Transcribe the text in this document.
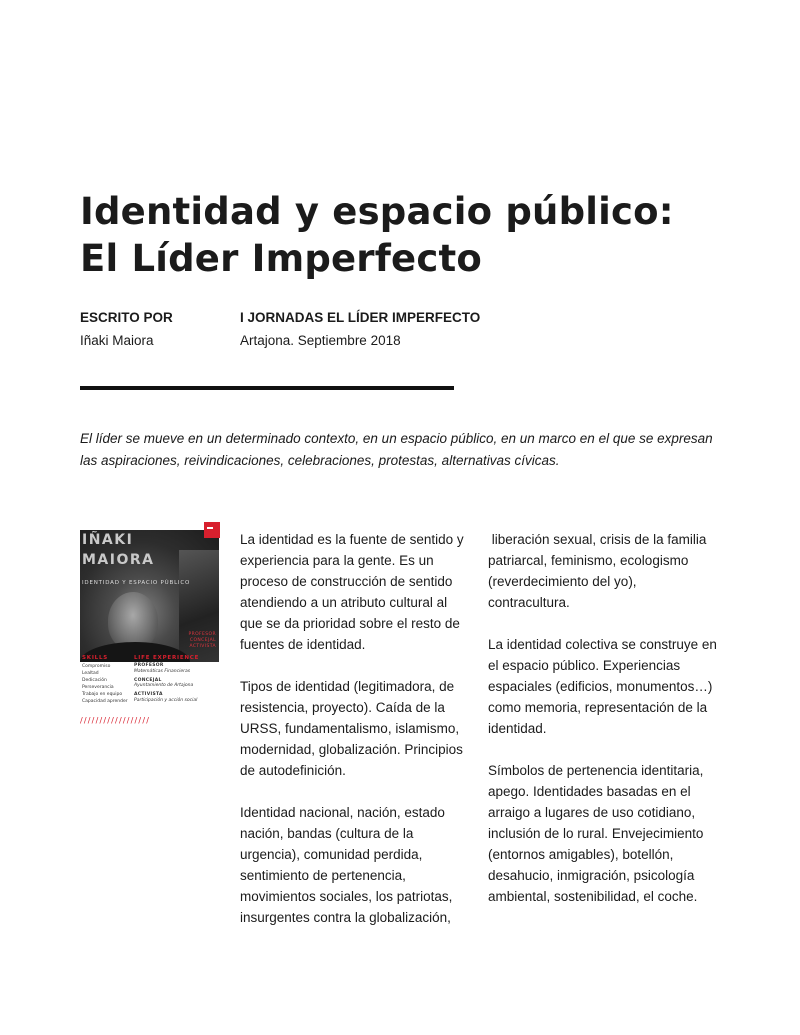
Identidad y espacio público:
El Líder Imperfecto
ESCRITO POR
Iñaki Maiora
I JORNADAS EL LÍDER IMPERFECTO
Artajona. Septiembre 2018

El líder se mueve en un determinado contexto, en un espacio público, en un marco en el que se expresan las aspiraciones, reivindicaciones, celebraciones, protestas, alternativas cívicas.

IÑAKI
MAIORA
IDENTIDAD Y ESPACIO PÚBLICO
PROFESOR
CONCEJAL
ACTIVISTA
SKILLS	LIFE EXPERIENCE
Compromiso
Lealtad
Dedicación
Perseverancia
Trabajo en equipo
Capacidad aprender
PROFESOR
Matemáticas Financieras
CONCEJAL
Ayuntamiento de Artajona
ACTIVISTA
Participación y acción social
//////////////////

La identidad es la fuente de sentido y experiencia para la gente. Es un proceso de construcción de sentido atendiendo a un atributo cultural al que se da prioridad sobre el resto de fuentes de identidad.

Tipos de identidad (legitimadora, de resistencia, proyecto). Caída de la URSS, fundamentalismo, islamismo, modernidad, globalización. Principios de autodefinición.

Identidad nacional, nación, estado nación, bandas (cultura de la urgencia), comunidad perdida, sentimiento de pertenencia, movimientos sociales, los patriotas, insurgentes contra la globalización,

liberación sexual, crisis de la familia patriarcal, feminismo, ecologismo (reverdecimiento del yo), contracultura.

La identidad colectiva se construye en el espacio público. Experiencias espaciales (edificios, monumentos…) como memoria, representación de la identidad.

Símbolos de pertenencia identitaria, apego. Identidades basadas en el arraigo a lugares de uso cotidiano, inclusión de lo rural. Envejecimiento (entornos amigables), botellón, desahucio, inmigración, psicología ambiental, sostenibilidad, el coche.
